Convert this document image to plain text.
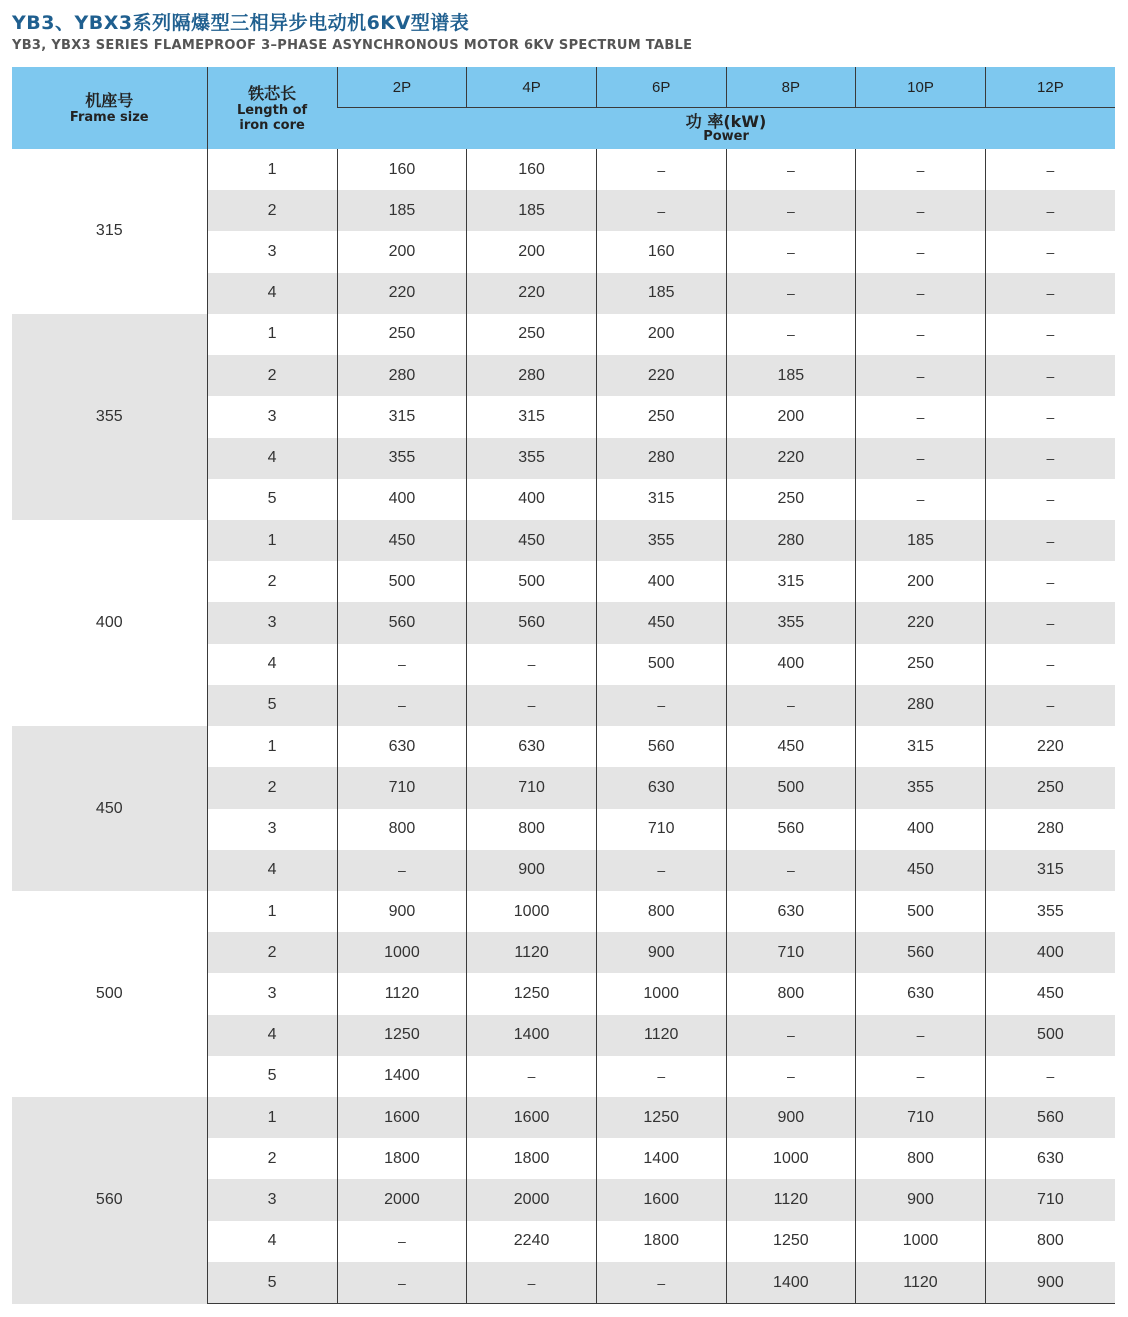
YB3、YBX3系列隔爆型三相异步电动机6KV型谱表
YB3, YBX3 SERIES FLAMEPROOF 3–PHASE ASYNCHRONOUS MOTOR 6KV SPECTRUM TABLE
机座号
Frame size	铁芯长
Length of
iron core	2P	4P	6P	8P	10P	12P

		功 率(kW)
Power					

315	1	160	160	–	–	–	–
	2	185	185	–	–	–	–
	3	200	200	160	–	–	–
	4	220	220	185	–	–	–
355	1	250	250	200	–	–	–
	2	280	280	220	185	–	–
	3	315	315	250	200	–	–
	4	355	355	280	220	–	–
	5	400	400	315	250	–	–
400	1	450	450	355	280	185	–
	2	500	500	400	315	200	–
	3	560	560	450	355	220	–
	4	–	–	500	400	250	–
	5	–	–	–	–	280	–
450	1	630	630	560	450	315	220
	2	710	710	630	500	355	250
	3	800	800	710	560	400	280
	4	–	900	–	–	450	315
500	1	900	1000	800	630	500	355
	2	1000	1120	900	710	560	400
	3	1120	1250	1000	800	630	450
	4	1250	1400	1120	–	–	500
	5	1400	–	–	–	–	–
560	1	1600	1600	1250	900	710	560
	2	1800	1800	1400	1000	800	630
	3	2000	2000	1600	1120	900	710
	4	–	2240	1800	1250	1000	800
	5	–	–	–	1400	1120	900
